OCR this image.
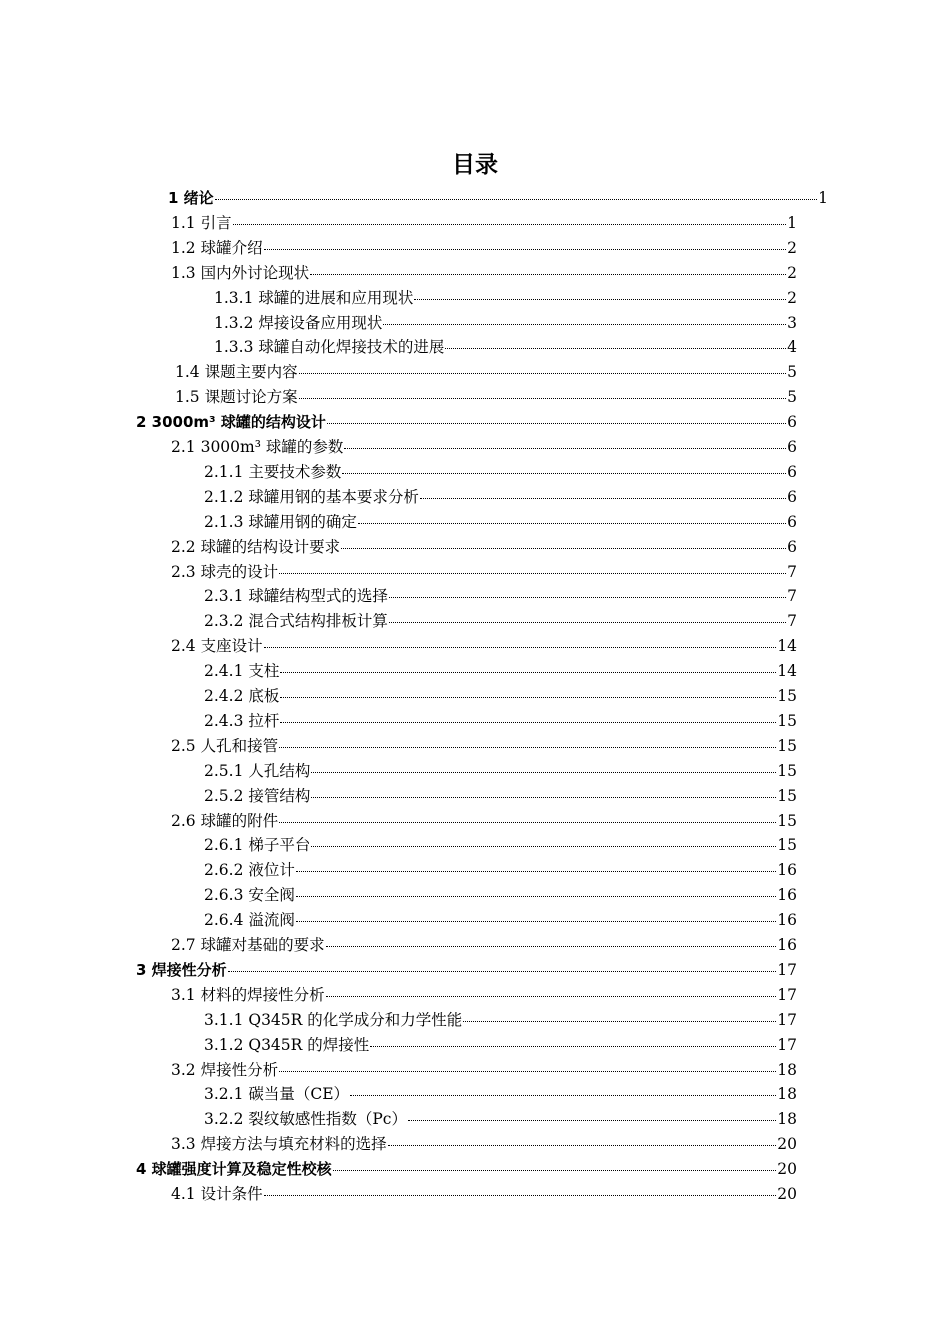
目录
1 绪论	1
1.1 引言	1
1.2 球罐介绍	2
1.3 国内外讨论现状	2
1.3.1 球罐的进展和应用现状	2
1.3.2 焊接设备应用现状	3
1.3.3 球罐自动化焊接技术的进展	4
1.4 课题主要内容	5
1.5 课题讨论方案	5
2 3000m³ 球罐的结构设计	6
2.1 3000m³ 球罐的参数	6
2.1.1 主要技术参数	6
2.1.2 球罐用钢的基本要求分析	6
2.1.3 球罐用钢的确定	6
2.2 球罐的结构设计要求	6
2.3 球壳的设计	7
2.3.1 球罐结构型式的选择	7
2.3.2 混合式结构排板计算	7
2.4 支座设计	14
2.4.1 支柱	14
2.4.2 底板	15
2.4.3 拉杆	15
2.5 人孔和接管	15
2.5.1 人孔结构	15
2.5.2 接管结构	15
2.6 球罐的附件	15
2.6.1 梯子平台	15
2.6.2 液位计	16
2.6.3 安全阀	16
2.6.4 溢流阀	16
2.7 球罐对基础的要求	16
3 焊接性分析	17
3.1 材料的焊接性分析	17
3.1.1 Q345R 的化学成分和力学性能	17
3.1.2 Q345R 的焊接性	17
3.2 焊接性分析	18
3.2.1 碳当量（CE）	18
3.2.2 裂纹敏感性指数（Pc）	18
3.3 焊接方法与填充材料的选择	20
4 球罐强度计算及稳定性校核	20
4.1 设计条件	20
